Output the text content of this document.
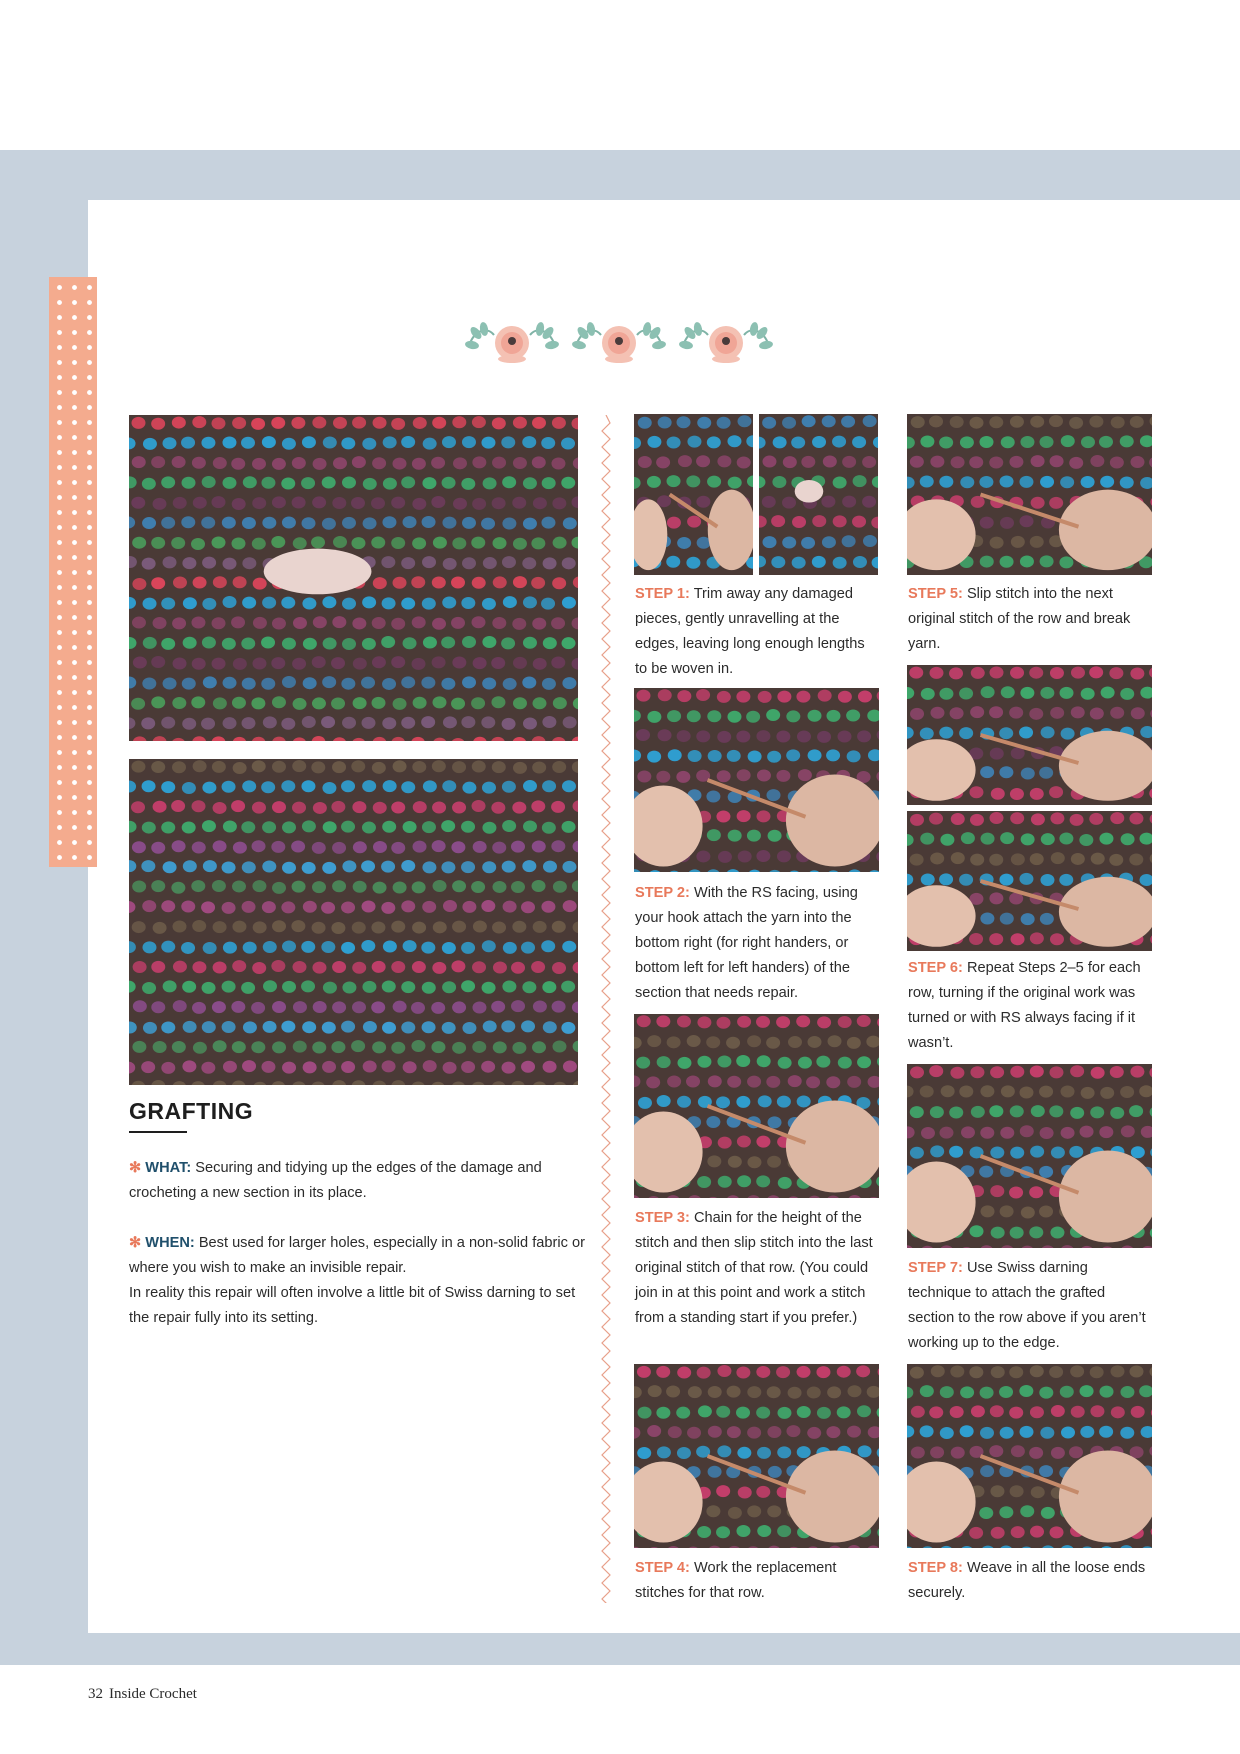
GRAFTING
✻ WHAT: Securing and tidying up the edges of the damage and crocheting a new section in its place.
✻ WHEN: Best used for larger holes, especially in a non-solid fabric or where you wish to make an invisible repair.
In reality this repair will often involve a little bit of Swiss darning to set the repair fully into its setting.
STEP 1: Trim away any damaged pieces, gently unravelling at the edges, leaving long enough lengths to be woven in.
STEP 2: With the RS facing, using your hook attach the yarn into the bottom right (for right handers, or bottom left for left handers) of the section that needs repair.
STEP 3: Chain for the height of the stitch and then slip stitch into the last original stitch of that row. (You could join in at this point and work a stitch from a standing start if you prefer.)
STEP 4: Work the replacement stitches for that row.
STEP 5: Slip stitch into the next original stitch of the row and break yarn.
STEP 6: Repeat Steps 2–5 for each row, turning if the original work was turned or with RS always facing if it wasn’t.
STEP 7: Use Swiss darning technique to attach the grafted section to the row above if you aren’t working up to the edge.
STEP 8: Weave in all the loose ends securely.
32 Inside Crochet
